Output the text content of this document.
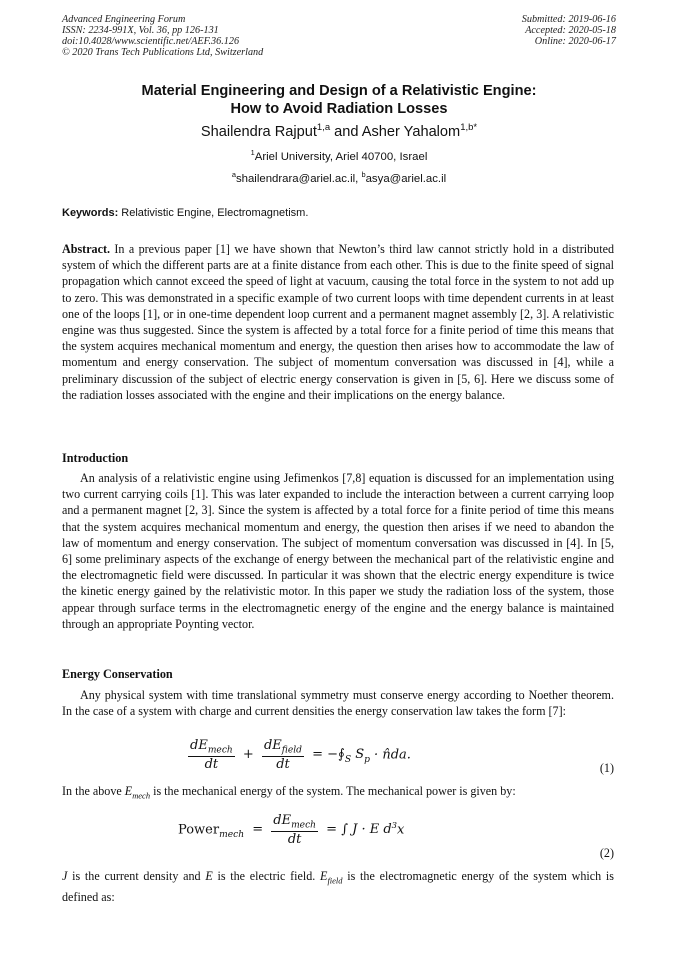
Advanced Engineering Forum
ISSN: 2234-991X, Vol. 36, pp 126-131
doi:10.4028/www.scientific.net/AEF.36.126
© 2020 Trans Tech Publications Ltd, Switzerland
Submitted: 2019-06-16
Accepted: 2020-05-18
Online: 2020-06-17
Material Engineering and Design of a Relativistic Engine:
How to Avoid Radiation Losses
Shailendra Rajput$^{1,a}$ and Asher Yahalom$^{1,b*}$
$^1$Ariel University, Ariel 40700, Israel
$^a$shailendrara@ariel.ac.il, $^b$asya@ariel.ac.il
Keywords: Relativistic Engine, Electromagnetism.
Abstract. In a previous paper [1] we have shown that Newton’s third law cannot strictly hold in a distributed system of which the different parts are at a finite distance from each other. This is due to the finite speed of signal propagation which cannot exceed the speed of light at vacuum, causing the total force in the system to not add up to zero. This was demonstrated in a specific example of two current loops with time dependent currents in at least one of the loops [1], or in one-time dependent loop current and a permanent magnet assembly [2, 3]. A relativistic engine was thus suggested. Since the system is affected by a total force for a finite period of time this means that the system acquires mechanical momentum and energy, the question then arises how to accommodate the law of momentum and energy conservation. The subject of momentum conversation was discussed in [4], while a preliminary discussion of the subject of electric energy conservation is given in [5, 6]. Here we discuss some of the radiation losses associated with the engine and their implications on the energy balance.
Introduction
An analysis of a relativistic engine using Jefimenkos [7,8] equation is discussed for an implementation using two current carrying coils [1]. This was later expanded to include the interaction between a current carrying loop and a permanent magnet [2, 3]. Since the system is affected by a total force for a finite period of time this means that the system acquires mechanical momentum and energy, the question then arises if we need to abandon the law of momentum and energy conservation. The subject of momentum conversation was discussed in [4]. In [5, 6] some preliminary aspects of the exchange of energy between the mechanical part of the relativistic engine and the electromagnetic field were discussed. In particular it was shown that the electric energy expenditure is twice the kinetic energy gained by the relativistic motor. In this paper we study the radiation loss of the system, those appear through surface terms in the electromagnetic energy of the engine and the energy balance is maintained through an appropriate Poynting vector.
Energy Conservation
Any physical system with time translational symmetry must conserve energy according to Noether theorem. In the case of a system with charge and current densities the energy conservation law takes the form [7]:
$\frac{dE_{mech}}{dt} + \frac{dE_{field}}{dt}$ = $-∮_S$ $S_p$ · n̂da.
(1)
In the above $E_{mech}$ is the mechanical energy of the system. The mechanical power is given by:
Power$_{mech}$ = $\frac{dE_{mech}}{dt}$ = ∫ J · E $d^3x$
(2)
J is the current density and E is the electric field. $E_{field}$ is the electromagnetic energy of the system which is defined as:
